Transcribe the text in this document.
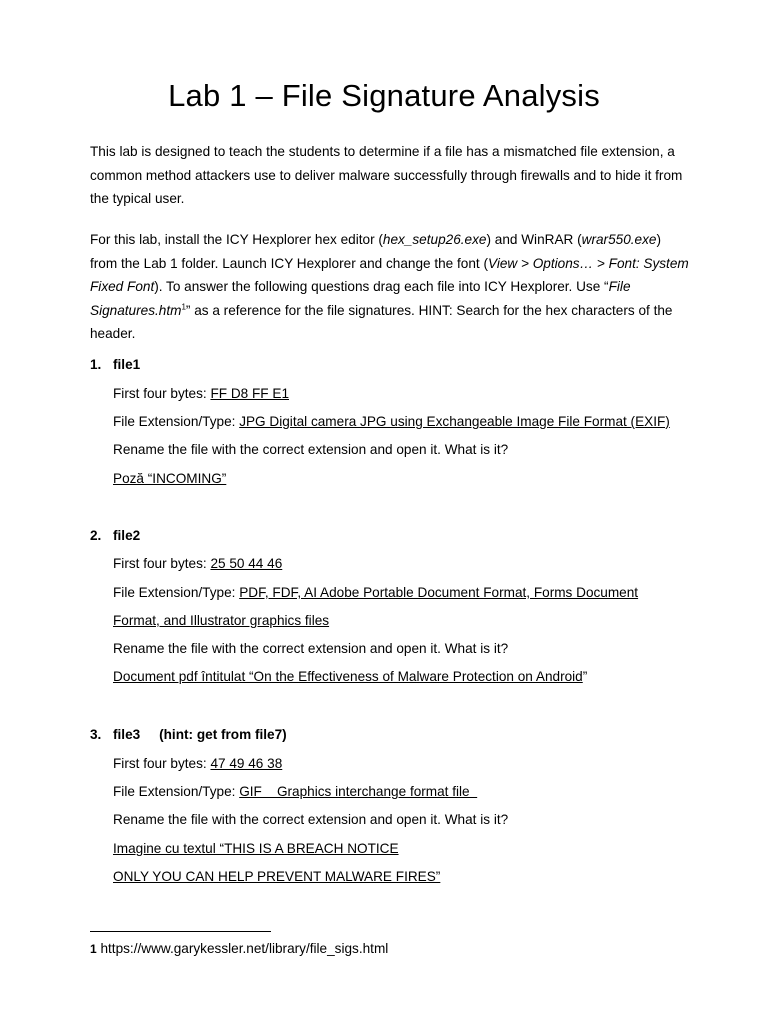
Lab 1 – File Signature Analysis
This lab is designed to teach the students to determine if a file has a mismatched file extension, a common method attackers use to deliver malware successfully through firewalls and to hide it from the typical user.
For this lab, install the ICY Hexplorer hex editor (hex_setup26.exe) and WinRAR (wrar550.exe) from the Lab 1 folder. Launch ICY Hexplorer and change the font (View > Options… > Font: System Fixed Font). To answer the following questions drag each file into ICY Hexplorer. Use “File Signatures.htm$^1$” as a reference for the file signatures. HINT: Search for the hex characters of the header.
1. file1
First four bytes: FF D8 FF E1
File Extension/Type: JPG Digital camera JPG using Exchangeable Image File Format (EXIF)
Rename the file with the correct extension and open it. What is it?
Poză “INCOMING”
2. file2
First four bytes: 25 50 44 46
File Extension/Type: PDF, FDF, AI Adobe Portable Document Format, Forms Document
Format, and Illustrator graphics files
Rename the file with the correct extension and open it. What is it?
Document pdf întitulat “On the Effectiveness of Malware Protection on Android”
3. file3     (hint: get from file7)
First four bytes: 47 49 46 38
File Extension/Type: GIF    Graphics interchange format file
Rename the file with the correct extension and open it. What is it?
Imagine cu textul “THIS IS A BREACH NOTICE
ONLY YOU CAN HELP PREVENT MALWARE FIRES”
1 https://www.garykessler.net/library/file_sigs.html
